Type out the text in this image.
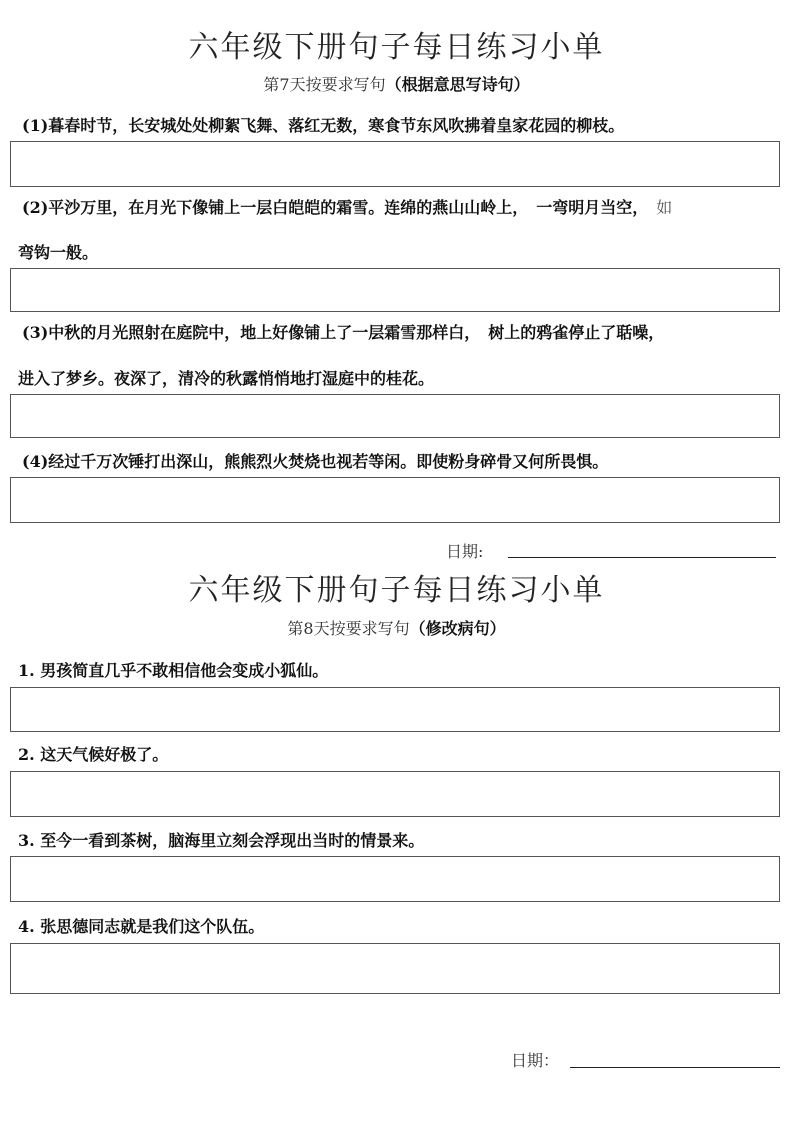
六年级下册句子每日练习小单
第7天按要求写句（根据意思写诗句）
(1)暮春时节，长安城处处柳絮飞舞、落红无数，寒食节东风吹拂着皇家花园的柳枝。
(2)平沙万里，在月光下像铺上一层白皑皑的霜雪。连绵的燕山山岭上，　一弯明月当空， 如
弯钩一般。
(3)中秋的月光照射在庭院中，地上好像铺上了一层霜雪那样白，　树上的鸦雀停止了聒噪，
进入了梦乡。夜深了，清冷的秋露悄悄地打湿庭中的桂花。
(4)经过千万次锤打出深山，熊熊烈火焚烧也视若等闲。即使粉身碎骨又何所畏惧。
日期:
六年级下册句子每日练习小单
第8天按要求写句（修改病句）
1. 男孩简直几乎不敢相信他会变成小狐仙。
2. 这天气候好极了。
3. 至今一看到茶树，脑海里立刻会浮现出当时的情景来。
4. 张思德同志就是我们这个队伍。
日期：
